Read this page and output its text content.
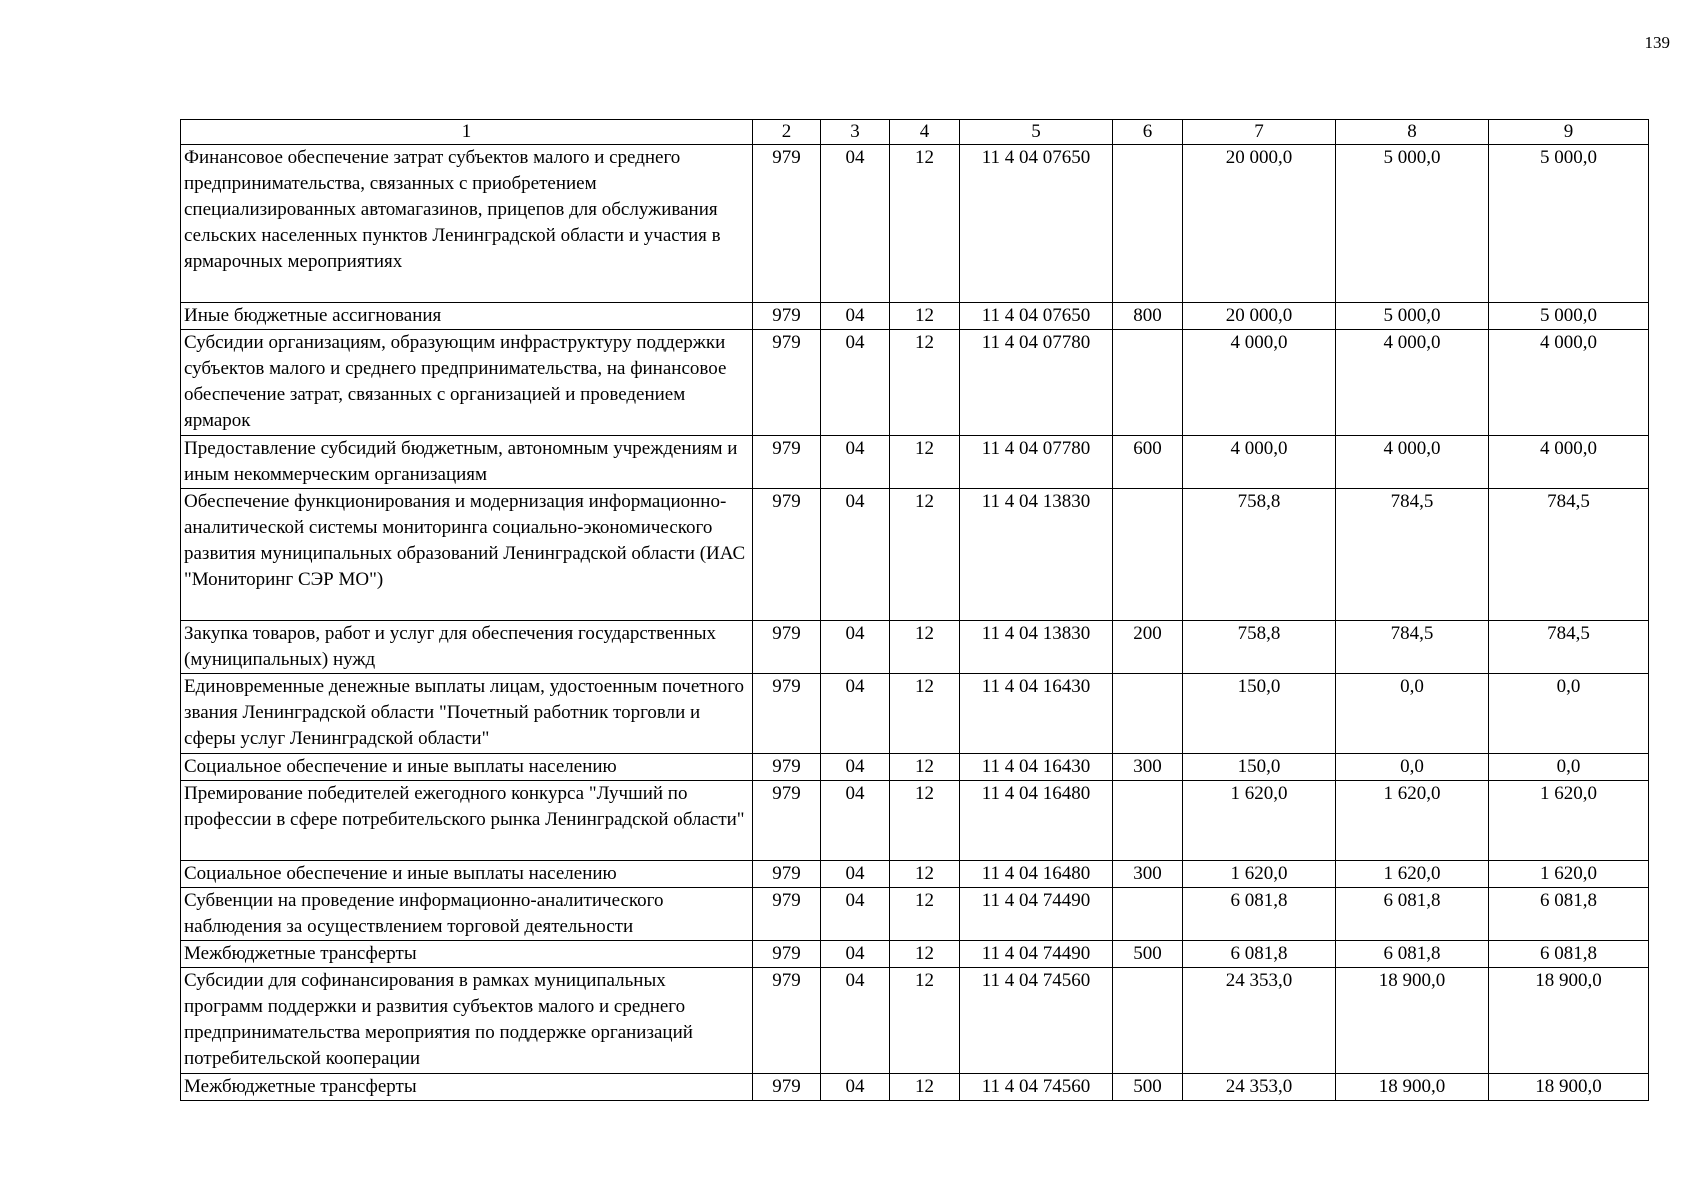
139
1	2	3	4	5	6	7	8	9
Финансовое обеспечение затрат субъектов малого и среднего предпринимательства, связанных с приобретением специализированных автомагазинов, прицепов для обслуживания сельских населенных пунктов Ленинградской области и участия в ярмарочных мероприятиях	979	04	12	11 4 04 07650		20 000,0	5 000,0	5 000,0
Иные бюджетные ассигнования	979	04	12	11 4 04 07650	800	20 000,0	5 000,0	5 000,0
Субсидии организациям, образующим инфраструктуру поддержки субъектов малого и среднего предпринимательства, на финансовое обеспечение затрат, связанных с организацией и проведением ярмарок	979	04	12	11 4 04 07780		4 000,0	4 000,0	4 000,0
Предоставление субсидий бюджетным, автономным учреждениям и иным некоммерческим организациям	979	04	12	11 4 04 07780	600	4 000,0	4 000,0	4 000,0
Обеспечение функционирования и модернизация информационно-аналитической системы мониторинга социально-экономического развития муниципальных образований Ленинградской области (ИАС "Мониторинг СЭР МО")	979	04	12	11 4 04 13830		758,8	784,5	784,5
Закупка товаров, работ и услуг для обеспечения государственных (муниципальных) нужд	979	04	12	11 4 04 13830	200	758,8	784,5	784,5
Единовременные денежные выплаты лицам, удостоенным почетного звания Ленинградской области "Почетный работник торговли и сферы услуг Ленинградской области"	979	04	12	11 4 04 16430		150,0	0,0	0,0
Социальное обеспечение и иные выплаты населению	979	04	12	11 4 04 16430	300	150,0	0,0	0,0
Премирование победителей ежегодного конкурса "Лучший по профессии в сфере потребительского рынка Ленинградской области"	979	04	12	11 4 04 16480		1 620,0	1 620,0	1 620,0
Социальное обеспечение и иные выплаты населению	979	04	12	11 4 04 16480	300	1 620,0	1 620,0	1 620,0
Субвенции на проведение информационно-аналитического наблюдения за осуществлением торговой деятельности	979	04	12	11 4 04 74490		6 081,8	6 081,8	6 081,8
Межбюджетные трансферты	979	04	12	11 4 04 74490	500	6 081,8	6 081,8	6 081,8
Субсидии для софинансирования в рамках муниципальных программ поддержки и развития субъектов малого и среднего предпринимательства мероприятия по поддержке организаций потребительской кооперации	979	04	12	11 4 04 74560		24 353,0	18 900,0	18 900,0
Межбюджетные трансферты	979	04	12	11 4 04 74560	500	24 353,0	18 900,0	18 900,0
